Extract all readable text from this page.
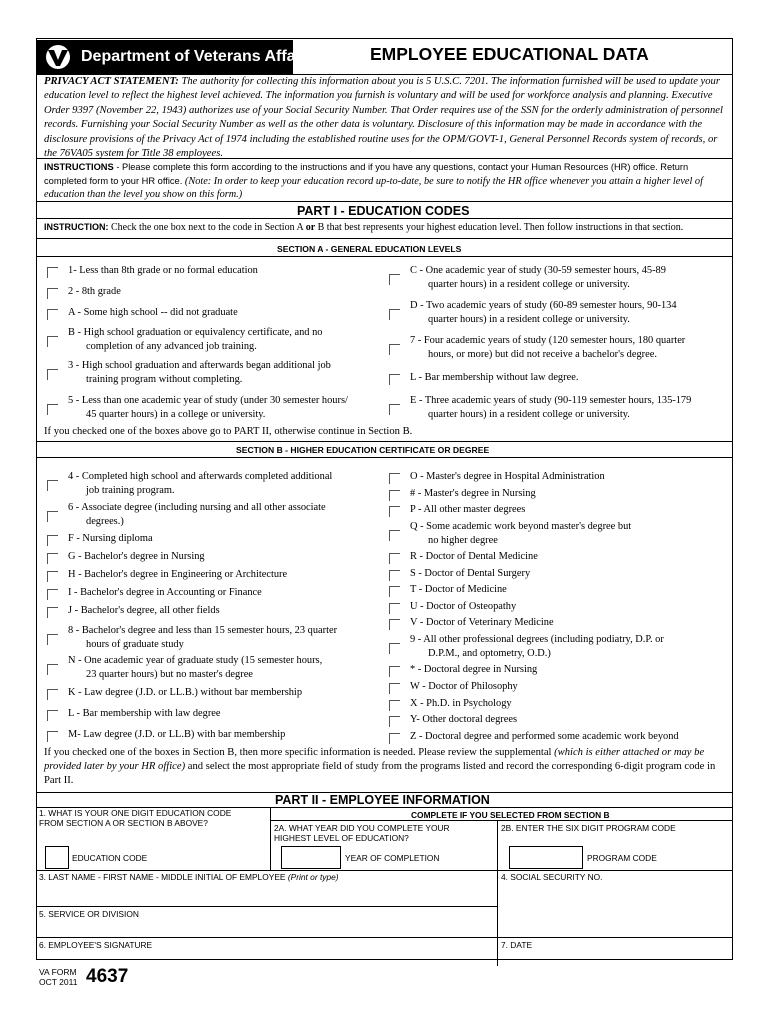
Department of Veterans Affairs	EMPLOYEE EDUCATIONAL DATA
PRIVACY ACT STATEMENT: The authority for collecting this information about you is 5 U.S.C. 7201. The information furnished will be used to update your education level to reflect the highest level achieved. The information you furnish is voluntary and will be used for workforce analysis and planning. Executive Order 9397 (November 22, 1943) authorizes use of your Social Security Number. That Order requires use of the SSN for the orderly administration of personnel records. Furnishing your Social Security Number as well as the other data is voluntary. Disclosure of this information may be made in accordance with the disclosure provisions of the Privacy Act of 1974 including the established routine uses for the OPM/GOVT-1, General Personnel Records system of records, or the 76VA05 system for Title 38 employees.
INSTRUCTIONS - Please complete this form according to the instructions and if you have any questions, contact your Human Resources (HR) office. Return completed form to your HR office. (Note: In order to keep your education record up-to-date, be sure to notify the HR office whenever you attain a higher level of education than the level you show on this form.)
PART I - EDUCATION CODES
INSTRUCTION: Check the one box next to the code in Section A or B that best represents your highest education level. Then follow instructions in that section.
SECTION A - GENERAL EDUCATION LEVELS
1- Less than 8th grade or no formal education
2 - 8th grade
A - Some high school -- did not graduate
B - High school graduation or equivalency certificate, and no
completion of any advanced job training.
3 - High school graduation and afterwards began additional job
training program without completing.
5 - Less than one academic year of study (under 30 semester hours/
45 quarter hours) in a college or university.
C - One academic year of study (30-59 semester hours, 45-89
quarter hours) in a resident college or university.
D - Two academic years of study (60-89 semester hours, 90-134
quarter hours) in a resident college or university.
7 - Four academic years of study (120 semester hours, 180 quarter
hours, or more) but did not receive a bachelor's degree.
L - Bar membership without law degree.
E - Three academic years of study (90-119 semester hours, 135-179
quarter hours) in a resident college or university.
If you checked one of the boxes above go to PART II, otherwise continue in Section B.
SECTION B - HIGHER EDUCATION CERTIFICATE OR DEGREE
4 - Completed high school and afterwards completed additional
job training program.
6 - Associate degree (including nursing and all other associate
degrees.)
F - Nursing diploma
G - Bachelor's degree in Nursing
H - Bachelor's degree in Engineering or Architecture
I - Bachelor's degree in Accounting or Finance
J - Bachelor's degree, all other fields
8 - Bachelor's degree and less than 15 semester hours, 23 quarter
hours of graduate study
N - One academic year of graduate study (15 semester hours,
23 quarter hours) but no master's degree
K - Law degree (J.D. or LL.B.) without bar membership
L - Bar membership with law degree
M- Law degree (J.D. or LL.B) with bar membership
O - Master's degree in Hospital Administration
# - Master's degree in Nursing
P - All other master degrees
Q - Some academic work beyond master's degree but
no higher degree
R - Doctor of Dental Medicine
S - Doctor of Dental Surgery
T - Doctor of Medicine
U - Doctor of Osteopathy
V - Doctor of Veterinary Medicine
9 - All other professional degrees (including podiatry, D.P. or
D.P.M., and optometry, O.D.)
* - Doctoral degree in Nursing
W - Doctor of Philosophy
X - Ph.D. in Psychology
Y- Other doctoral degrees
Z - Doctoral degree and performed some academic work beyond
If you checked one of the boxes in Section B, then more specific information is needed. Please review the supplemental (which is either attached or may be provided later by your HR office) and select the most appropriate field of study from the programs listed and record the corresponding 6-digit program code in Part II.
PART II - EMPLOYEE INFORMATION
1. WHAT IS YOUR ONE DIGIT EDUCATION CODE
FROM SECTION A OR SECTION B ABOVE?
COMPLETE IF YOU SELECTED FROM SECTION B
2A. WHAT YEAR DID YOU COMPLETE YOUR
HIGHEST LEVEL OF EDUCATION?
2B. ENTER THE SIX DIGIT PROGRAM CODE
EDUCATION CODE	YEAR OF COMPLETION	PROGRAM CODE
3. LAST NAME - FIRST NAME - MIDDLE INITIAL OF EMPLOYEE (Print or type)	4. SOCIAL SECURITY NO.
5. SERVICE OR DIVISION
6. EMPLOYEE'S SIGNATURE	7. DATE
VA FORM
OCT 2011 4637
